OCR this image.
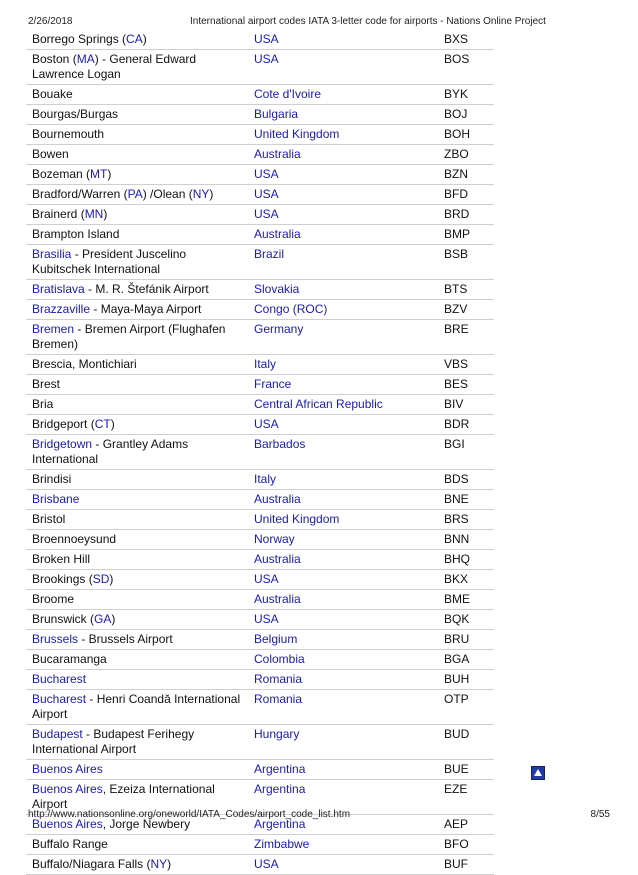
2/26/2018	International airport codes IATA 3-letter code for airports - Nations Online Project
Borrego Springs (CA)	USA	BXS
Boston (MA) - General Edward Lawrence Logan	USA	BOS
Bouake	Cote d'Ivoire	BYK
Bourgas/Burgas	Bulgaria	BOJ
Bournemouth	United Kingdom	BOH
Bowen	Australia	ZBO
Bozeman (MT)	USA	BZN
Bradford/Warren (PA) /Olean (NY)	USA	BFD
Brainerd (MN)	USA	BRD
Brampton Island	Australia	BMP
Brasilia - President Juscelino Kubitschek International	Brazil	BSB
Bratislava - M. R. Štefánik Airport	Slovakia	BTS
Brazzaville - Maya-Maya Airport	Congo (ROC)	BZV
Bremen - Bremen Airport (Flughafen Bremen)	Germany	BRE
Brescia, Montichiari	Italy	VBS
Brest	France	BES
Bria	Central African Republic	BIV
Bridgeport (CT)	USA	BDR
Bridgetown - Grantley Adams International	Barbados	BGI
Brindisi	Italy	BDS
Brisbane	Australia	BNE
Bristol	United Kingdom	BRS
Broennoeysund	Norway	BNN
Broken Hill	Australia	BHQ
Brookings (SD)	USA	BKX
Broome	Australia	BME
Brunswick (GA)	USA	BQK
Brussels - Brussels Airport	Belgium	BRU
Bucaramanga	Colombia	BGA
Bucharest	Romania	BUH
Bucharest - Henri Coandă International Airport	Romania	OTP
Budapest - Budapest Ferihegy International Airport	Hungary	BUD
Buenos Aires	Argentina	BUE
Buenos Aires, Ezeiza International Airport	Argentina	EZE
Buenos Aires, Jorge Newbery	Argentina	AEP
Buffalo Range	Zimbabwe	BFO
Buffalo/Niagara Falls (NY)	USA	BUF
http://www.nationsonline.org/oneworld/IATA_Codes/airport_code_list.htm	8/55
